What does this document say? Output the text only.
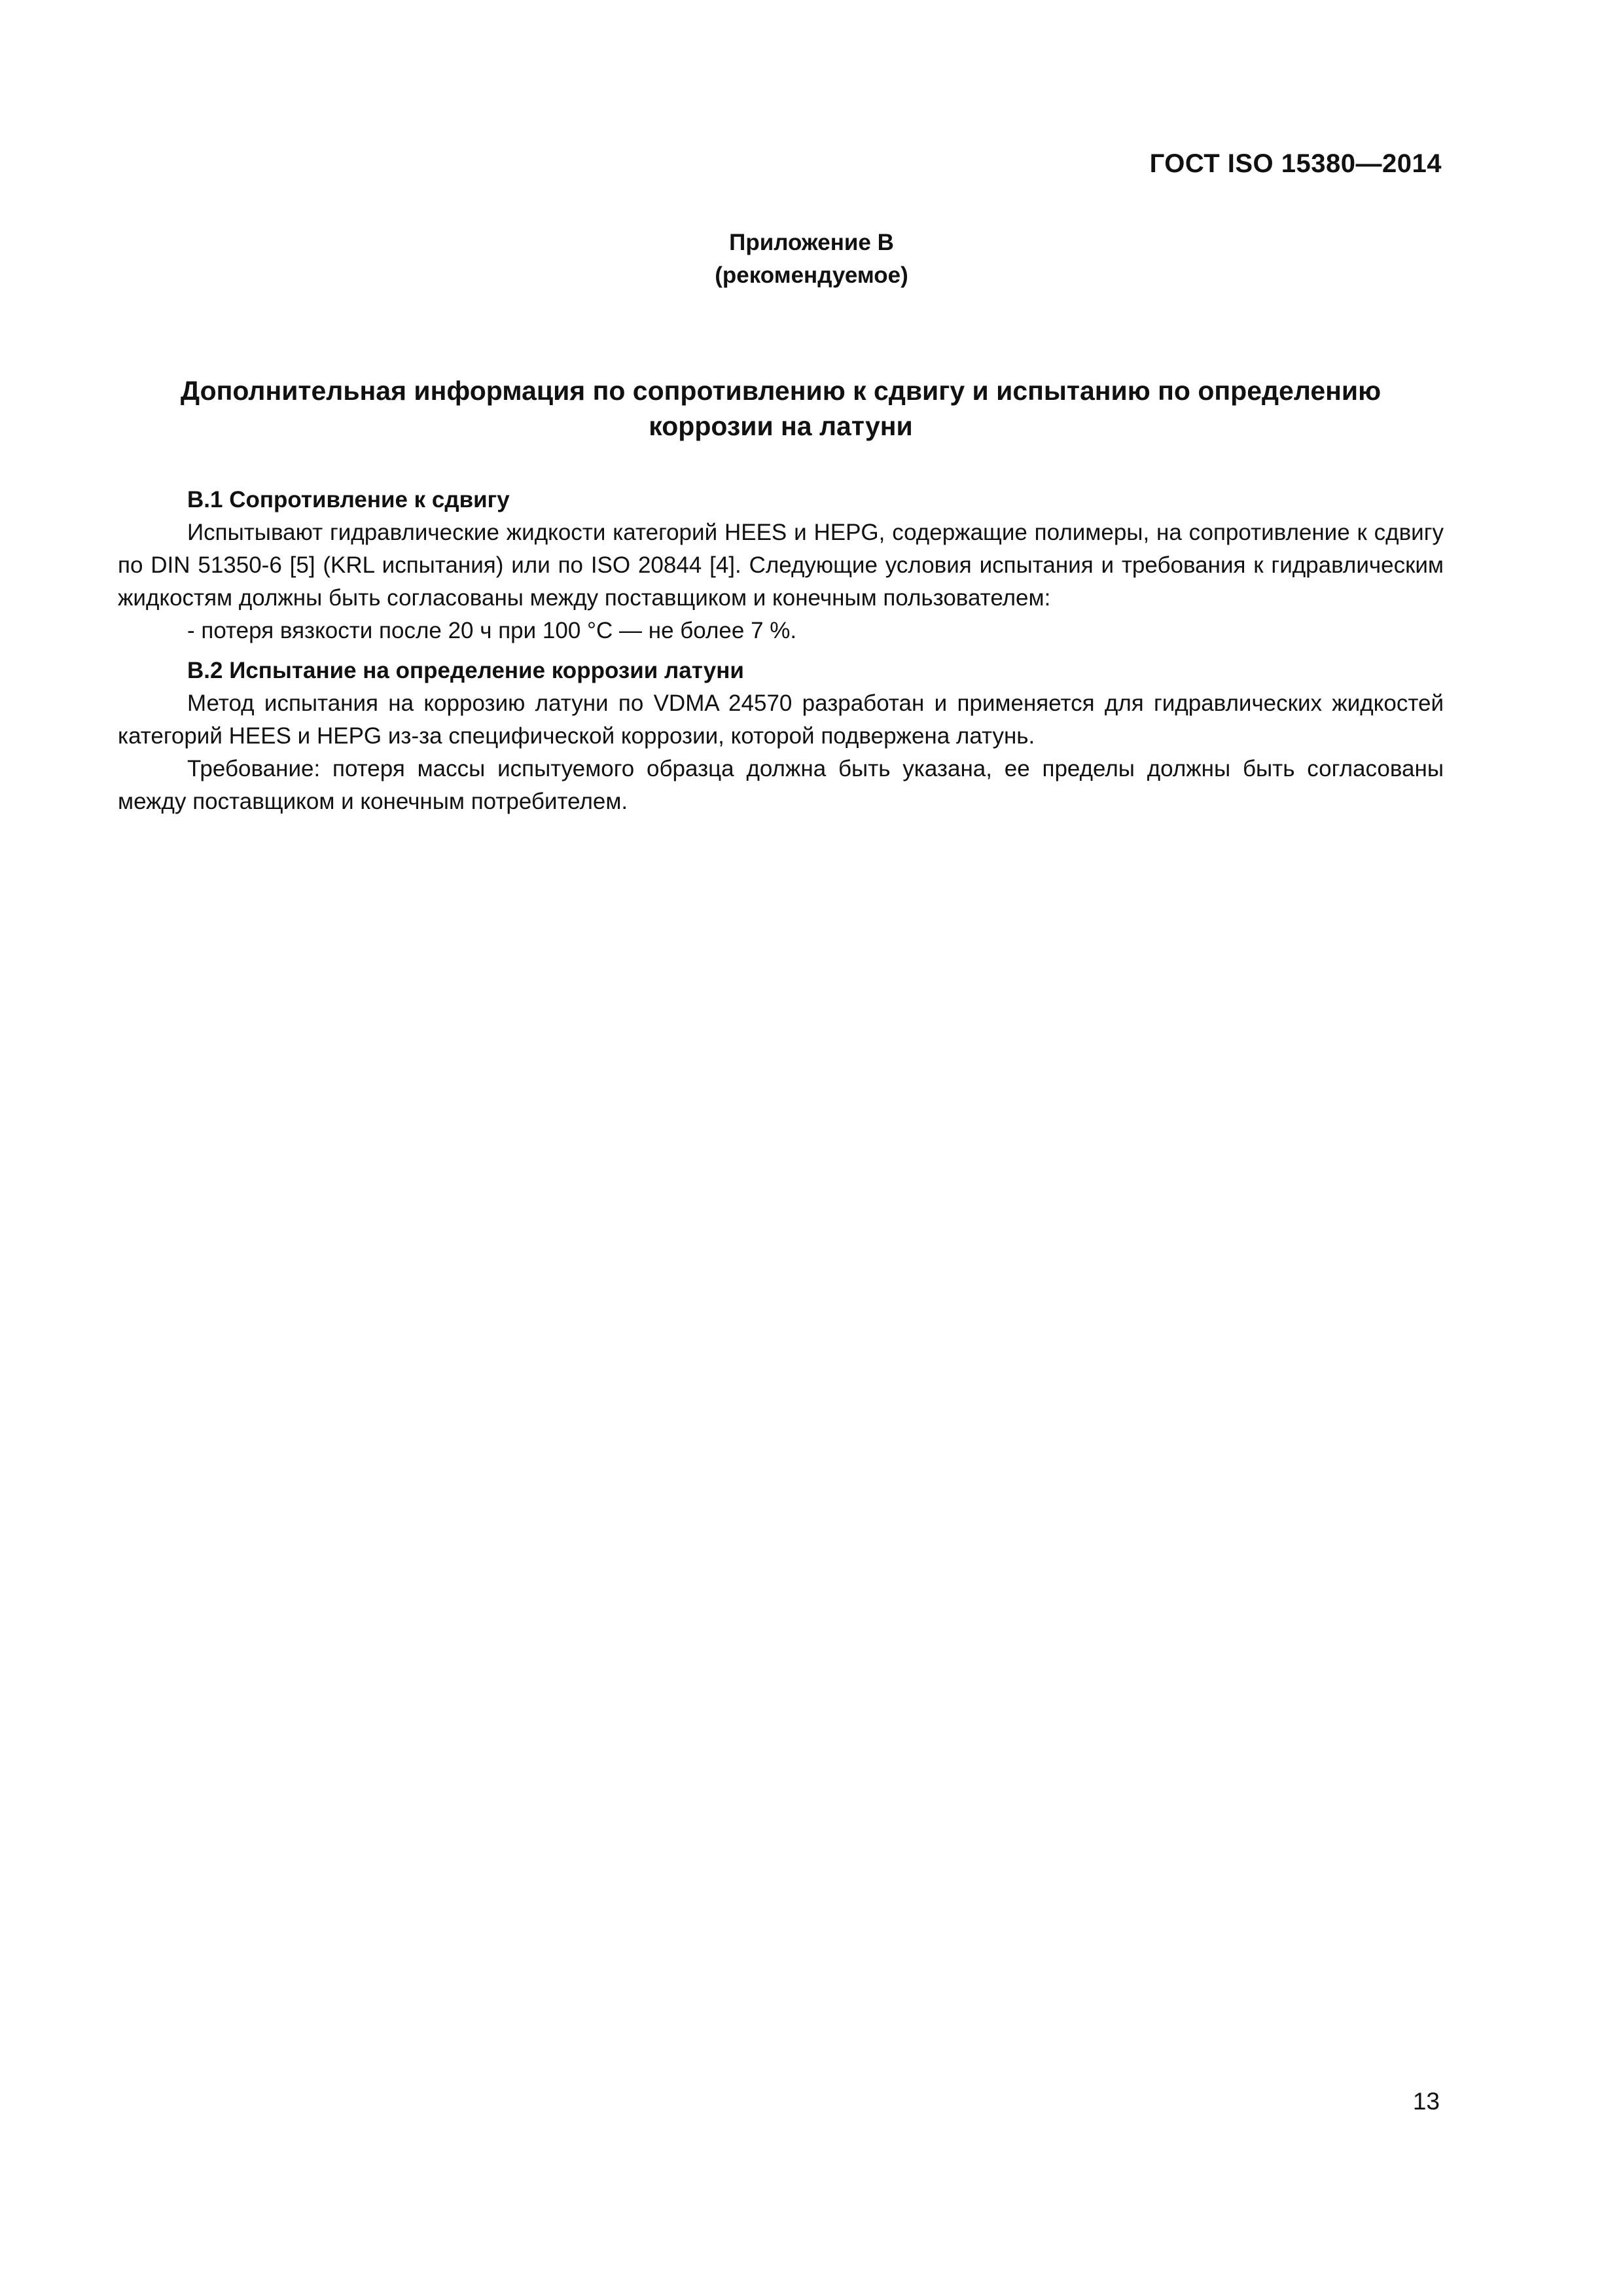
ГОСТ ISO 15380—2014
Приложение В
(рекомендуемое)
Дополнительная информация по сопротивлению к сдвигу и испытанию по определению
коррозии на латуни
В.1 Сопротивление к сдвигу

Испытывают гидравлические жидкости категорий HEES и HEPG, содержащие полимеры, на сопротивление к сдвигу по DIN 51350-6 [5] (KRL испытания) или по ISO 20844 [4]. Следующие условия испытания и требования к гидравлическим жидкостям должны быть согласованы между поставщиком и конечным пользователем:

- потеря вязкости после 20 ч при 100 °С — не более 7 %.

В.2 Испытание на определение коррозии латуни

Метод испытания на коррозию латуни по VDMA 24570 разработан и применяется для гидравлических жидкостей категорий HEES и HEPG из-за специфической коррозии, которой подвержена латунь.

Требование: потеря массы испытуемого образца должна быть указана, ее пределы должны быть согласованы между поставщиком и конечным потребителем.

13
